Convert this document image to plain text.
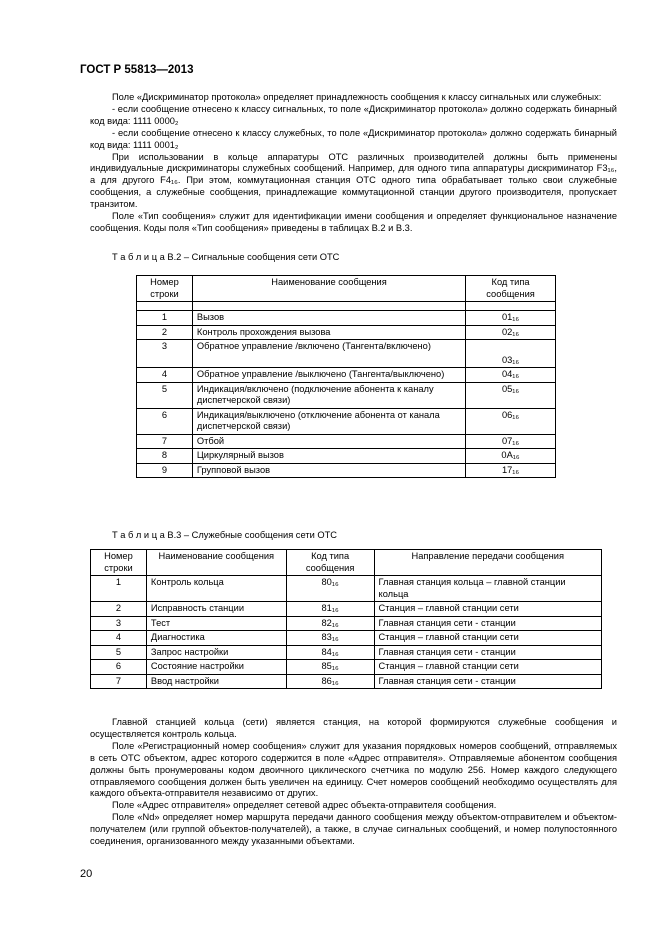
ГОСТ Р 55813—2013

Поле «Дискриминатор протокола» определяет принадлежность сообщения к классу сигнальных или служебных:

- если сообщение отнесено к классу сигнальных, то поле «Дискриминатор протокола» должно содержать бинарный код вида: 1111 0000₂

- если сообщение отнесено к классу служебных, то поле «Дискриминатор протокола» должно содержать бинарный код вида: 1111 0001₂

При использовании в кольце аппаратуры ОТС различных производителей должны быть применены индивидуальные дискриминаторы служебных сообщений. Например, для одного типа аппаратуры дискриминатор F3₁₆, а для другого F4₁₆. При этом, коммутационная станция ОТС одного типа обрабатывает только свои служебные сообщения, а служебные сообщения, принадлежащие коммутационной станции другого производителя, пропускает транзитом.

Поле «Тип сообщения» служит для идентификации имени сообщения и определяет функциональное назначение сообщения. Коды поля «Тип сообщения» приведены в таблицах В.2 и В.3.

Т а б л и ц а В.2 – Сигнальные сообщения сети ОТС
Номер строки	Наименование сообщения	Код типа сообщения

1	Вызов	01₁₆
2	Контроль прохождения вызова	02₁₆
3	Обратное управление /включено (Тангента/включено)	03₁₆
4	Обратное управление /выключено (Тангента/выключено)	04₁₆
5	Индикация/включено (подключение абонента к каналу диспетчерской связи)	05₁₆
6	Индикация/выключено (отключение абонента от канала диспетчерской связи)	06₁₆
7	Отбой	07₁₆
8	Циркулярный вызов	0A₁₆
9	Групповой вызов	17₁₆
Т а б л и ц а В.3 – Служебные сообщения сети ОТС
Номер строки	Наименование сообщения	Код типа сообщения	Направление передачи сообщения
1	Контроль кольца	80₁₆	Главная станция кольца – главной станции кольца
2	Исправность станции	81₁₆	Станция – главной станции сети
3	Тест	82₁₆	Главная станция сети - станции
4	Диагностика	83₁₆	Станция – главной станции сети
5	Запрос настройки	84₁₆	Главная станция сети - станции
6	Состояние настройки	85₁₆	Станция – главной станции сети
7	Ввод настройки	86₁₆	Главная станция сети - станции

Главной станцией кольца (сети) является станция, на которой формируются служебные сообщения и осуществляется контроль кольца.

Поле «Регистрационный номер сообщения» служит для указания порядковых номеров сообщений, отправляемых в сеть ОТС объектом, адрес которого содержится в поле «Адрес отправителя». Отправляемые абонентом сообщения должны быть пронумерованы кодом двоичного циклического счетчика по модулю 256. Номер каждого следующего отправляемого сообщения должен быть увеличен на единицу. Счет номеров сообщений необходимо осуществлять для каждого объекта-отправителя независимо от других.

Поле «Адрес отправителя» определяет сетевой адрес объекта-отправителя сообщения.

Поле «Nd» определяет номер маршрута передачи данного сообщения между объектом-отправителем и объектом-получателем (или группой объектов-получателей), а также, в случае сигнальных сообщений, и номер полупостоянного соединения, организованного между указанными объектами.

20
